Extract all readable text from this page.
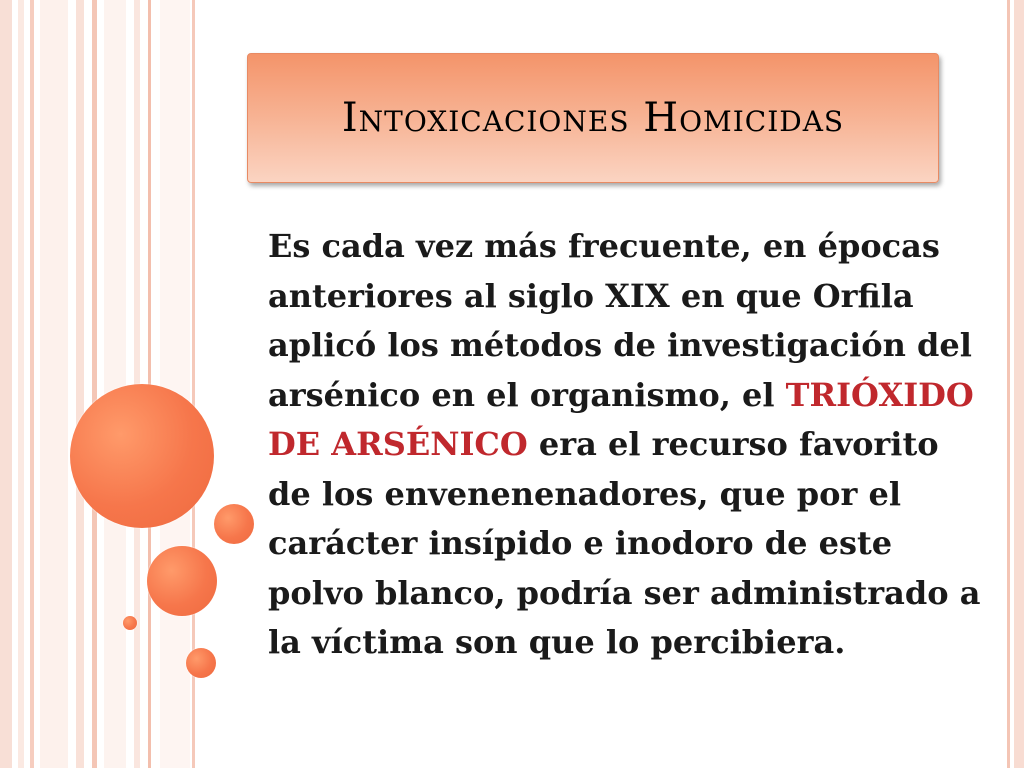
Intoxicaciones Homicidas

Es cada vez más frecuente, en épocas anteriores al siglo XIX en que Orfila aplicó los métodos de investigación del arsénico en el organismo, el TRIÓXIDO DE ARSÉNICO era el recurso favorito de los envenenenadores, que por el carácter insípido e inodoro de este polvo blanco, podría ser administrado a la víctima son que lo percibiera.
